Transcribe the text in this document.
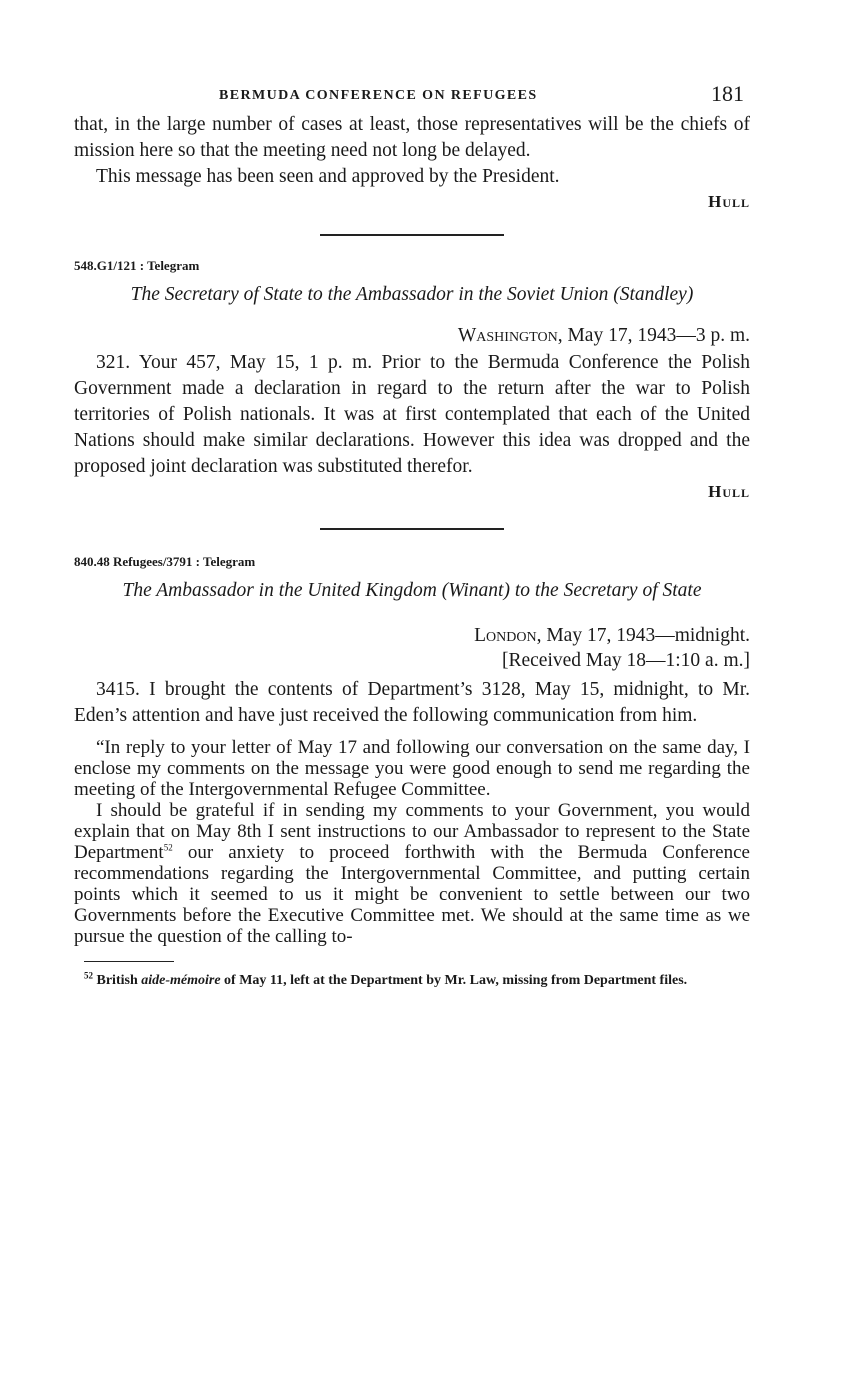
BERMUDA CONFERENCE ON REFUGEES	181

that, in the large number of cases at least, those representatives will be the chiefs of mission here so that the meeting need not long be delayed.

This message has been seen and approved by the President.

Hull
548.G1/121 : Telegram
The Secretary of State to the Ambassador in the Soviet Union (Standley)
Washington, May 17, 1943—3 p. m.

321. Your 457, May 15, 1 p. m. Prior to the Bermuda Conference the Polish Government made a declaration in regard to the return after the war to Polish territories of Polish nationals. It was at first contemplated that each of the United Nations should make similar declarations. However this idea was dropped and the proposed joint declaration was substituted therefor.

Hull
840.48 Refugees/3791 : Telegram
The Ambassador in the United Kingdom (Winant) to the Secretary of State
London, May 17, 1943—midnight.
[Received May 18—1:10 a. m.]

3415. I brought the contents of Department’s 3128, May 15, midnight, to Mr. Eden’s attention and have just received the following communication from him.

“In reply to your letter of May 17 and following our conversation on the same day, I enclose my comments on the message you were good enough to send me regarding the meeting of the Intergovernmental Refugee Committee.

I should be grateful if in sending my comments to your Government, you would explain that on May 8th I sent instructions to our Ambassador to represent to the State Department$^{52}$ our anxiety to proceed forthwith with the Bermuda Conference recommendations regarding the Intergovernmental Committee, and putting certain points which it seemed to us it might be convenient to settle between our two Governments before the Executive Committee met. We should at the same time as we pursue the question of the calling to-

$^{52}$ British aide-mémoire of May 11, left at the Department by Mr. Law, missing from Department files.
